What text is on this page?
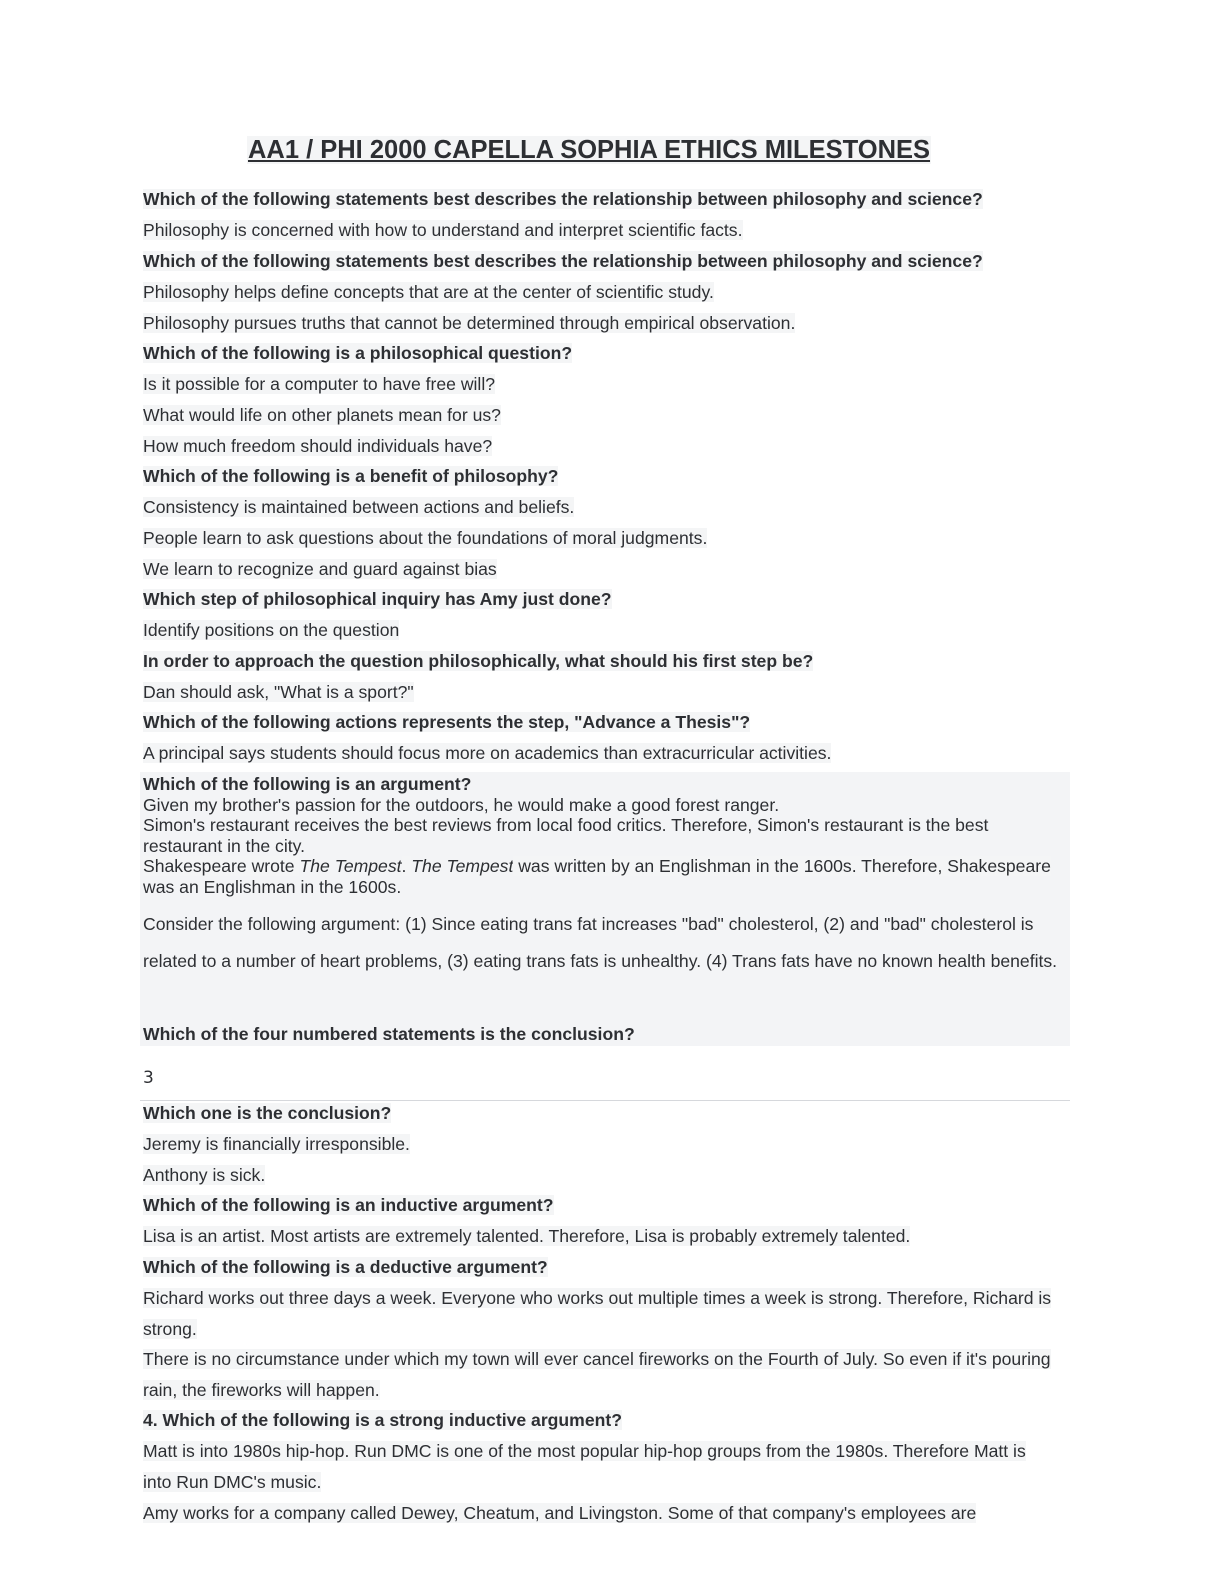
AA1 / PHI 2000 CAPELLA SOPHIA ETHICS MILESTONES
Which of the following statements best describes the relationship between philosophy and science?
Philosophy is concerned with how to understand and interpret scientific facts.
Which of the following statements best describes the relationship between philosophy and science?
Philosophy helps define concepts that are at the center of scientific study.
Philosophy pursues truths that cannot be determined through empirical observation.
Which of the following is a philosophical question?
Is it possible for a computer to have free will?
What would life on other planets mean for us?
How much freedom should individuals have?
Which of the following is a benefit of philosophy?
Consistency is maintained between actions and beliefs.
People learn to ask questions about the foundations of moral judgments.
We learn to recognize and guard against bias
Which step of philosophical inquiry has Amy just done?
Identify positions on the question
In order to approach the question philosophically, what should his first step be?
Dan should ask, "What is a sport?"
Which of the following actions represents the step, "Advance a Thesis"?
A principal says students should focus more on academics than extracurricular activities.
Which of the following is an argument?
Given my brother's passion for the outdoors, he would make a good forest ranger.
Simon's restaurant receives the best reviews from local food critics. Therefore, Simon's restaurant is the best
restaurant in the city.
Shakespeare wrote The Tempest. The Tempest was written by an Englishman in the 1600s. Therefore, Shakespeare
was an Englishman in the 1600s.
Consider the following argument: (1) Since eating trans fat increases "bad" cholesterol, (2) and "bad" cholesterol is
related to a number of heart problems, (3) eating trans fats is unhealthy. (4) Trans fats have no known health benefits.
Which of the four numbered statements is the conclusion?
3
Which one is the conclusion?
Jeremy is financially irresponsible.
Anthony is sick.
Which of the following is an inductive argument?
Lisa is an artist. Most artists are extremely talented. Therefore, Lisa is probably extremely talented.
Which of the following is a deductive argument?
Richard works out three days a week. Everyone who works out multiple times a week is strong. Therefore, Richard is
strong.
There is no circumstance under which my town will ever cancel fireworks on the Fourth of July. So even if it's pouring
rain, the fireworks will happen.
4. Which of the following is a strong inductive argument?
Matt is into 1980s hip-hop. Run DMC is one of the most popular hip-hop groups from the 1980s. Therefore Matt is
into Run DMC's music.
Amy works for a company called Dewey, Cheatum, and Livingston. Some of that company's employees are
